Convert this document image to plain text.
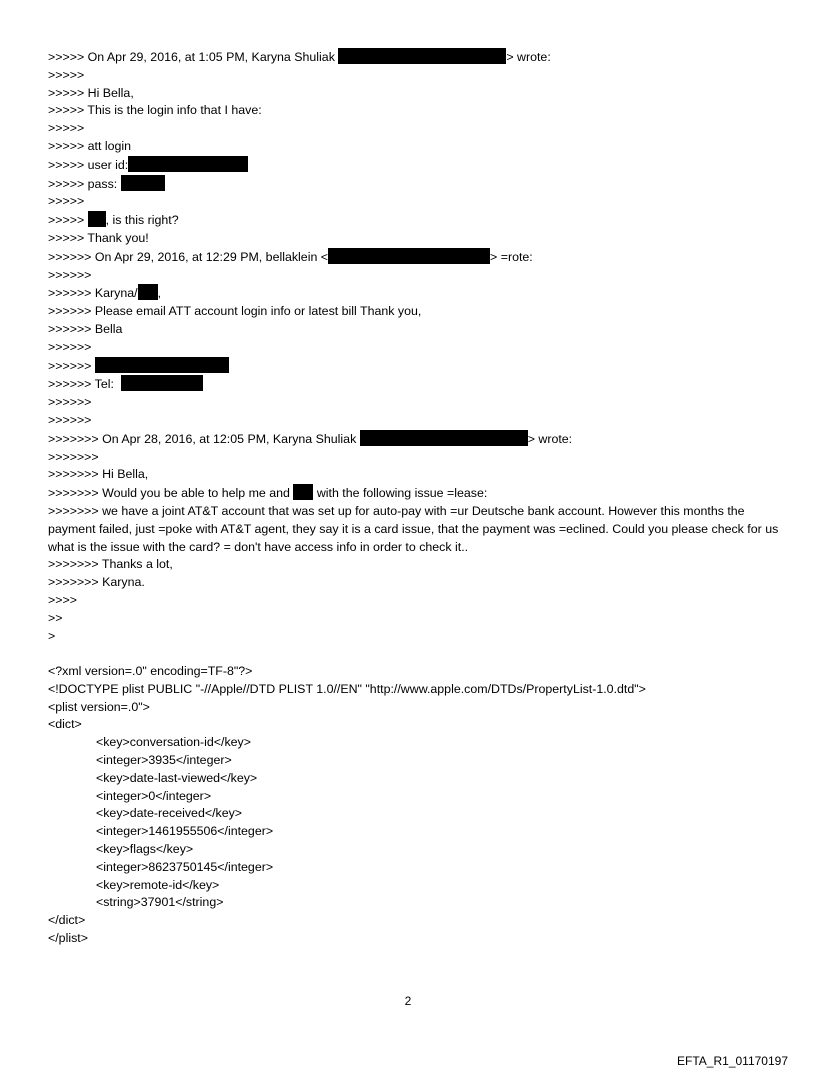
>>>>> On Apr 29, 2016, at 1:05 PM, Karyna Shuliak	> wrote:
>>>>>
>>>>> Hi Bella,
>>>>> This is the login info that I have:
>>>>>
>>>>> att login
>>>>> user id:
>>>>> pass:
>>>>>
>>>>> , is this right?
>>>>> Thank you!
>>>>>> On Apr 29, 2016, at 12:29 PM, bellaklein <	> =rote:
>>>>>>
>>>>>> Karyna/ ,
>>>>>> Please email ATT account login info or latest bill Thank you,
>>>>>> Bella
>>>>>>
>>>>>>
>>>>>> Tel:
>>>>>>
>>>>>>
>>>>>>> On Apr 28, 2016, at 12:05 PM, Karyna Shuliak	> wrote:
>>>>>>>
>>>>>>> Hi Bella,
>>>>>>> Would you be able to help me and  with the following issue =lease:
>>>>>>> we have a joint AT&T account that was set up for auto-pay with =ur Deutsche bank account. However this months the payment failed, just =poke with AT&T agent, they say it is a card issue, that the payment was =eclined. Could you please check for us what is the issue with the card? = don't have access info in order to check it..
>>>>>>> Thanks a lot,
>>>>>>> Karyna.
>>>>
>>
>
<?xml version=.0" encoding=TF-8"?>
<!DOCTYPE plist PUBLIC "-//Apple//DTD PLIST 1.0//EN" "http://www.apple.com/DTDs/PropertyList-1.0.dtd">
<plist version=.0">
<dict>
<key>conversation-id</key>
<integer>3935</integer>
<key>date-last-viewed</key>
<integer>0</integer>
<key>date-received</key>
<integer>1461955506</integer>
<key>flags</key>
<integer>8623750145</integer>
<key>remote-id</key>
<string>37901</string>
</dict>
</plist>
2
EFTA_R1_01170197
